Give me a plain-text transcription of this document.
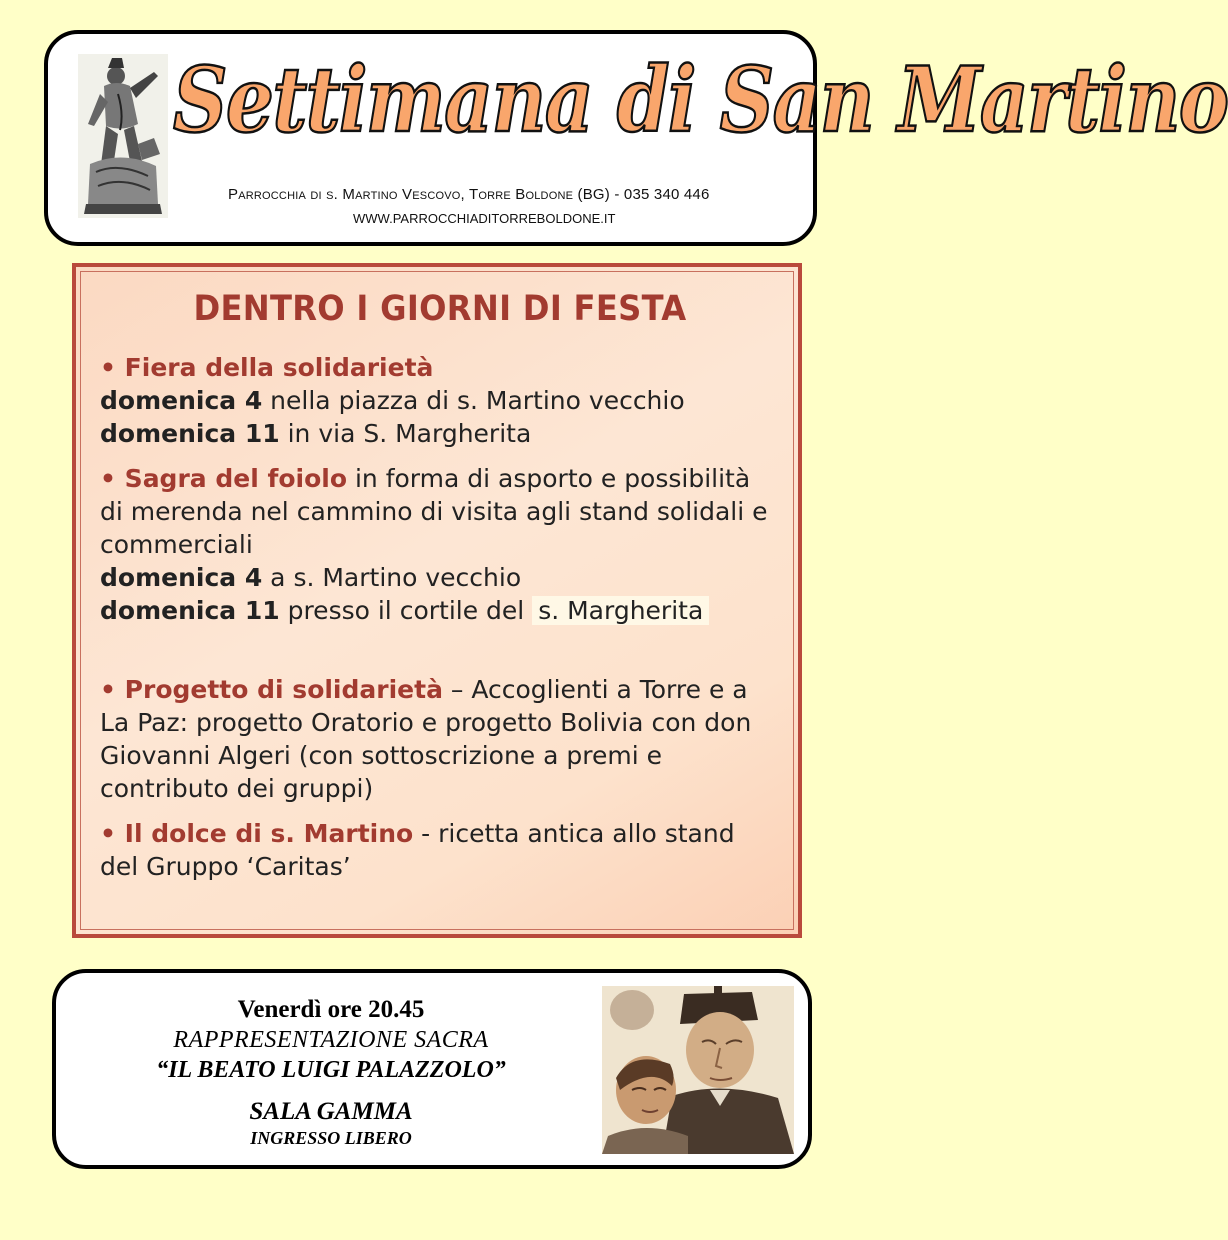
Settimana di San Martino
Parrocchia di s. Martino Vescovo, Torre Boldone (BG) - 035 340 446
WWW.PARROCCHIADITORREBOLDONE.IT
DENTRO I GIORNI DI FESTA
• Fiera della solidarietà
domenica 4 nella piazza di s. Martino vecchio
domenica 11 in via S. Margherita
• Sagra del foiolo in forma di asporto e possibilità di merenda nel cammino di visita agli stand solidali e commerciali
domenica 4 a s. Martino vecchio
domenica 11 presso il cortile del s. Margherita
• Progetto di solidarietà – Accoglienti a Torre e a La Paz: progetto Oratorio e progetto Bolivia con don Giovanni Algeri (con sottoscrizione a premi e contributo dei gruppi)
• Il dolce di s. Martino - ricetta antica allo stand del Gruppo ‘Caritas’
Venerdì ore 20.45
RAPPRESENTAZIONE SACRA
“IL BEATO LUIGI PALAZZOLO”
SALA GAMMA
INGRESSO LIBERO
